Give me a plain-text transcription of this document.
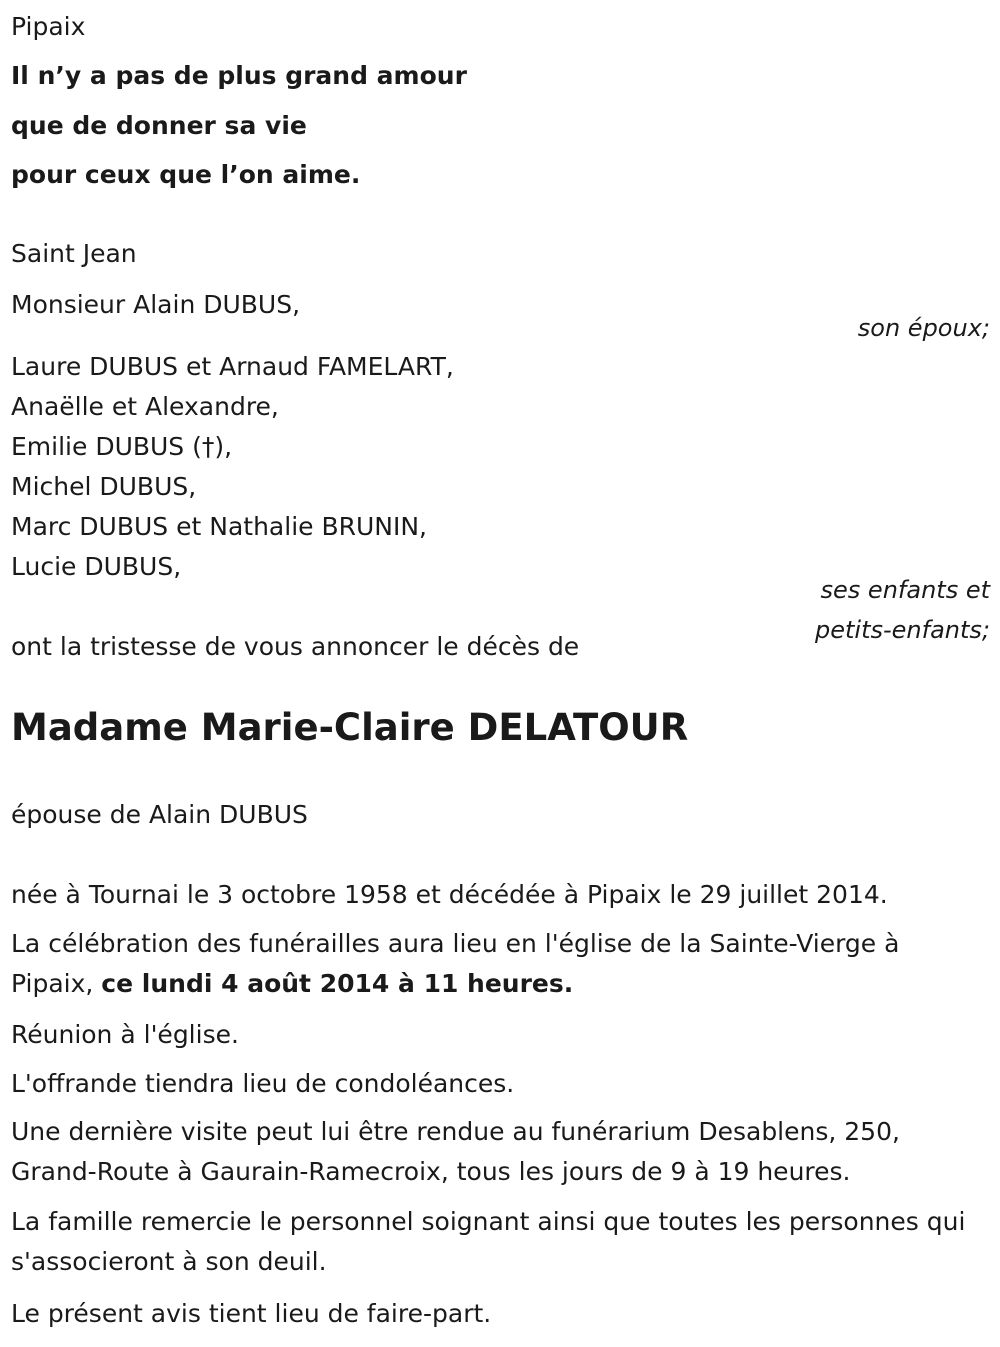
Pipaix
Il n’y a pas de plus grand amour
que de donner sa vie
pour ceux que l’on aime.
Saint Jean
Monsieur Alain DUBUS,
son époux;
Laure DUBUS et Arnaud FAMELART,
Anaëlle et Alexandre,
Emilie DUBUS (†),
Michel DUBUS,
Marc DUBUS et Nathalie BRUNIN,
Lucie DUBUS,
ses enfants et
petits-enfants;
ont la tristesse de vous annoncer le décès de
Madame Marie-Claire DELATOUR
épouse de Alain DUBUS
née à Tournai le 3 octobre 1958 et décédée à Pipaix le 29 juillet 2014.
La célébration des funérailles aura lieu en l'église de la Sainte-Vierge à Pipaix, ce lundi 4 août 2014 à 11 heures.
Réunion à l'église.
L'offrande tiendra lieu de condoléances.
Une dernière visite peut lui être rendue au funérarium Desablens, 250, Grand-Route à Gaurain-Ramecroix, tous les jours de 9 à 19 heures.
La famille remercie le personnel soignant ainsi que toutes les personnes qui s'associeront à son deuil.
Le présent avis tient lieu de faire-part.
